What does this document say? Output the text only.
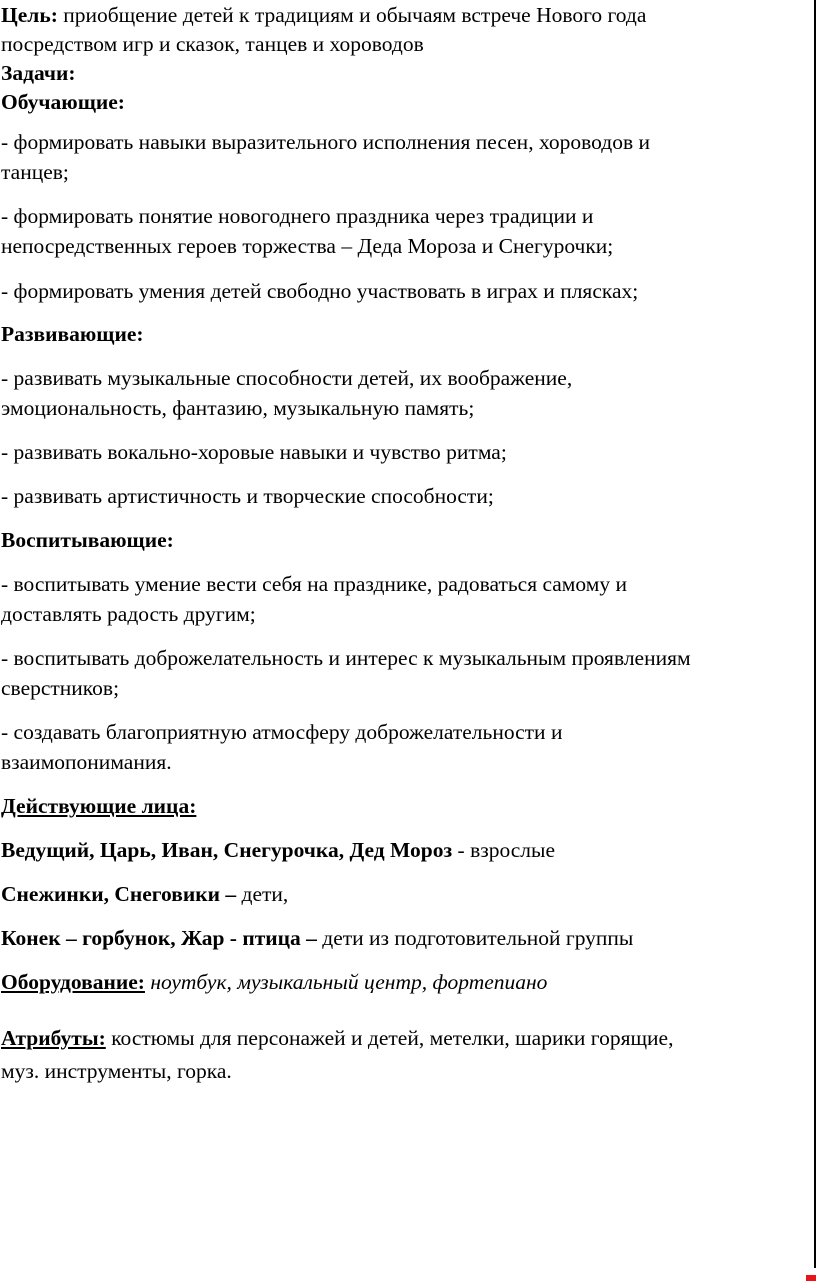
Цель: приобщение детей к традициям и обычаям встрече Нового года
посредством игр и сказок, танцев и хороводов
Задачи:
Обучающие:
- формировать навыки выразительного исполнения песен, хороводов и
танцев;
- формировать понятие новогоднего праздника через традиции и
непосредственных героев торжества – Деда Мороза и Снегурочки;
- формировать умения детей свободно участвовать в играх и плясках;
Развивающие:
- развивать музыкальные способности детей, их воображение,
эмоциональность, фантазию, музыкальную память;
- развивать вокально-хоровые навыки и чувство ритма;
- развивать артистичность и творческие способности;
Воспитывающие:
- воспитывать умение вести себя на празднике, радоваться самому и
доставлять радость другим;
- воспитывать доброжелательность и интерес к музыкальным проявлениям
сверстников;
- создавать благоприятную атмосферу доброжелательности и
взаимопонимания.
Действующие лица:
Ведущий, Царь, Иван, Снегурочка, Дед Мороз - взрослые
Снежинки, Снеговики – дети,
Конек – горбунок, Жар - птица – дети из подготовительной группы
Оборудование: ноутбук, музыкальный центр, фортепиано
Атрибуты: костюмы для персонажей и детей, метелки, шарики горящие,
муз. инструменты, горка.
